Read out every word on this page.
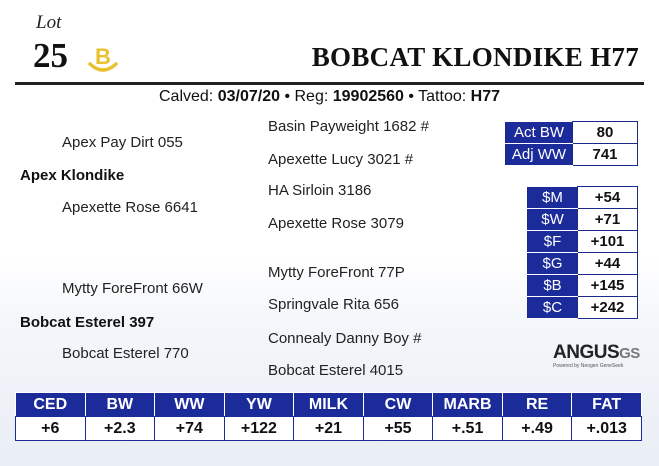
Lot
25 B	BOBCAT KLONDIKE H77
Calved: 03/07/20 • Reg: 19902560 • Tattoo: H77
Basin Payweight 1682 #
Apex Pay Dirt 055
Apexette Lucy 3021 #
Apex Klondike
HA Sirloin 3186
Apexette Rose 6641
Apexette Rose 3079
Mytty ForeFront 77P
Mytty ForeFront 66W
Springvale Rita 656
Bobcat Esterel 397
Connealy Danny Boy #
Bobcat Esterel 770
Bobcat Esterel 4015
Act BW	80
Adj WW	741
$M	+54
$W	+71
$F	+101
$G	+44
$B	+145
$C	+242
ANGUSGS
Powered by Neogen GeneSeek
CED	BW	WW	YW	MILK	CW	MARB	RE	FAT
+6	+2.3	+74	+122	+21	+55	+.51	+.49	+.013
